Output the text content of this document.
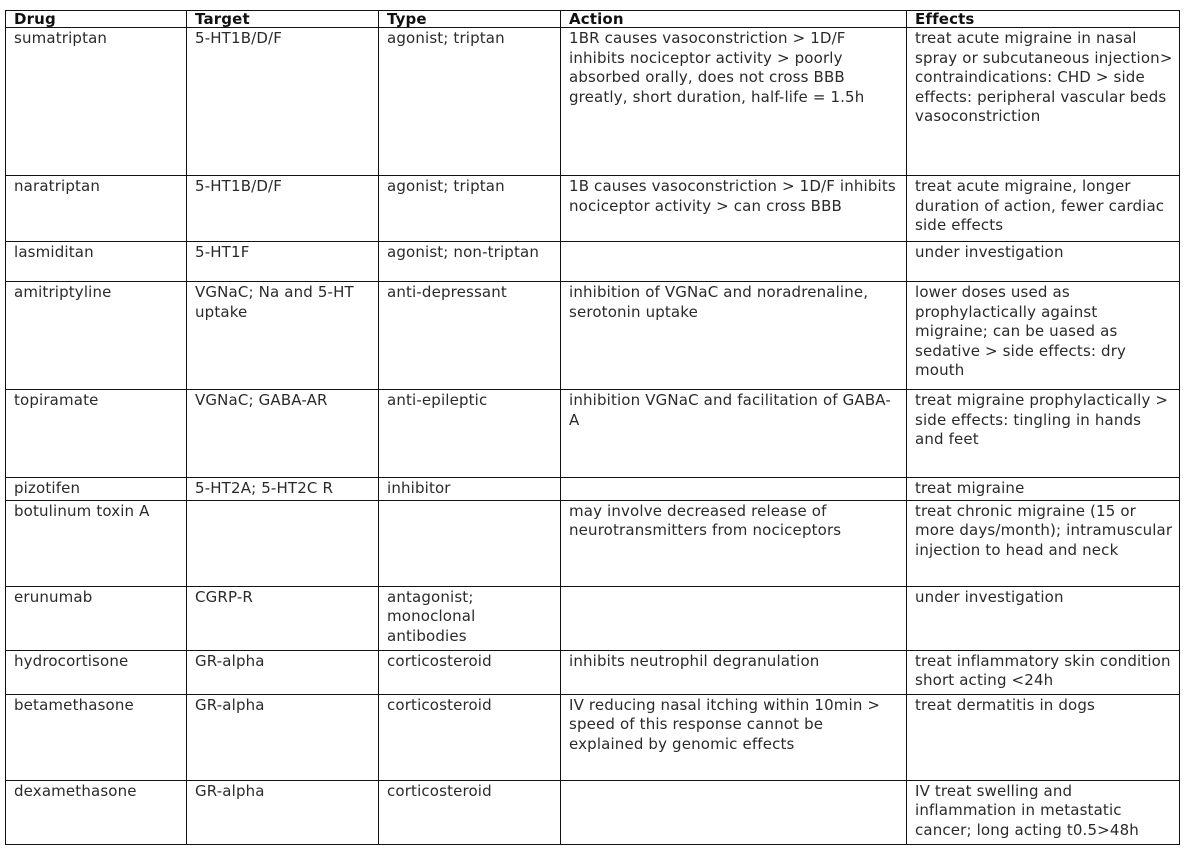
Drug	Target	Type	Action	Effects
sumatriptan	5-HT1B/D/F	agonist; triptan	1BR causes vasoconstriction > 1D/F inhibits nociceptor activity > poorly absorbed orally, does not cross BBB greatly, short duration, half-life = 1.5h	treat acute migraine in nasal spray or subcutaneous injection> contraindications: CHD > side effects: peripheral vascular beds vasoconstriction
naratriptan	5-HT1B/D/F	agonist; triptan	1B causes vasoconstriction > 1D/F inhibits nociceptor activity > can cross BBB	treat acute migraine, longer duration of action, fewer cardiac side effects
lasmiditan	5-HT1F	agonist; non-triptan		under investigation
amitriptyline	VGNaC; Na and 5-HT uptake	anti-depressant	inhibition of VGNaC and noradrenaline, serotonin uptake	lower doses used as prophylactically against migraine; can be uased as sedative > side effects: dry mouth
topiramate	VGNaC; GABA-AR	anti-epileptic	inhibition VGNaC and facilitation of GABA-A	treat migraine prophylactically > side effects: tingling in hands and feet
pizotifen	5-HT2A; 5-HT2C R	inhibitor		treat migraine
botulinum toxin A			may involve decreased release of neurotransmitters from nociceptors	treat chronic migraine (15 or more days/month); intramuscular injection to head and neck
erunumab	CGRP-R	antagonist; monoclonal antibodies		under investigation
hydrocortisone	GR-alpha	corticosteroid	inhibits neutrophil degranulation	treat inflammatory skin condition short acting <24h
betamethasone	GR-alpha	corticosteroid	IV reducing nasal itching within 10min > speed of this response cannot be explained by genomic effects	treat dermatitis in dogs
dexamethasone	GR-alpha	corticosteroid		IV treat swelling and inflammation in metastatic cancer; long acting t0.5>48h
